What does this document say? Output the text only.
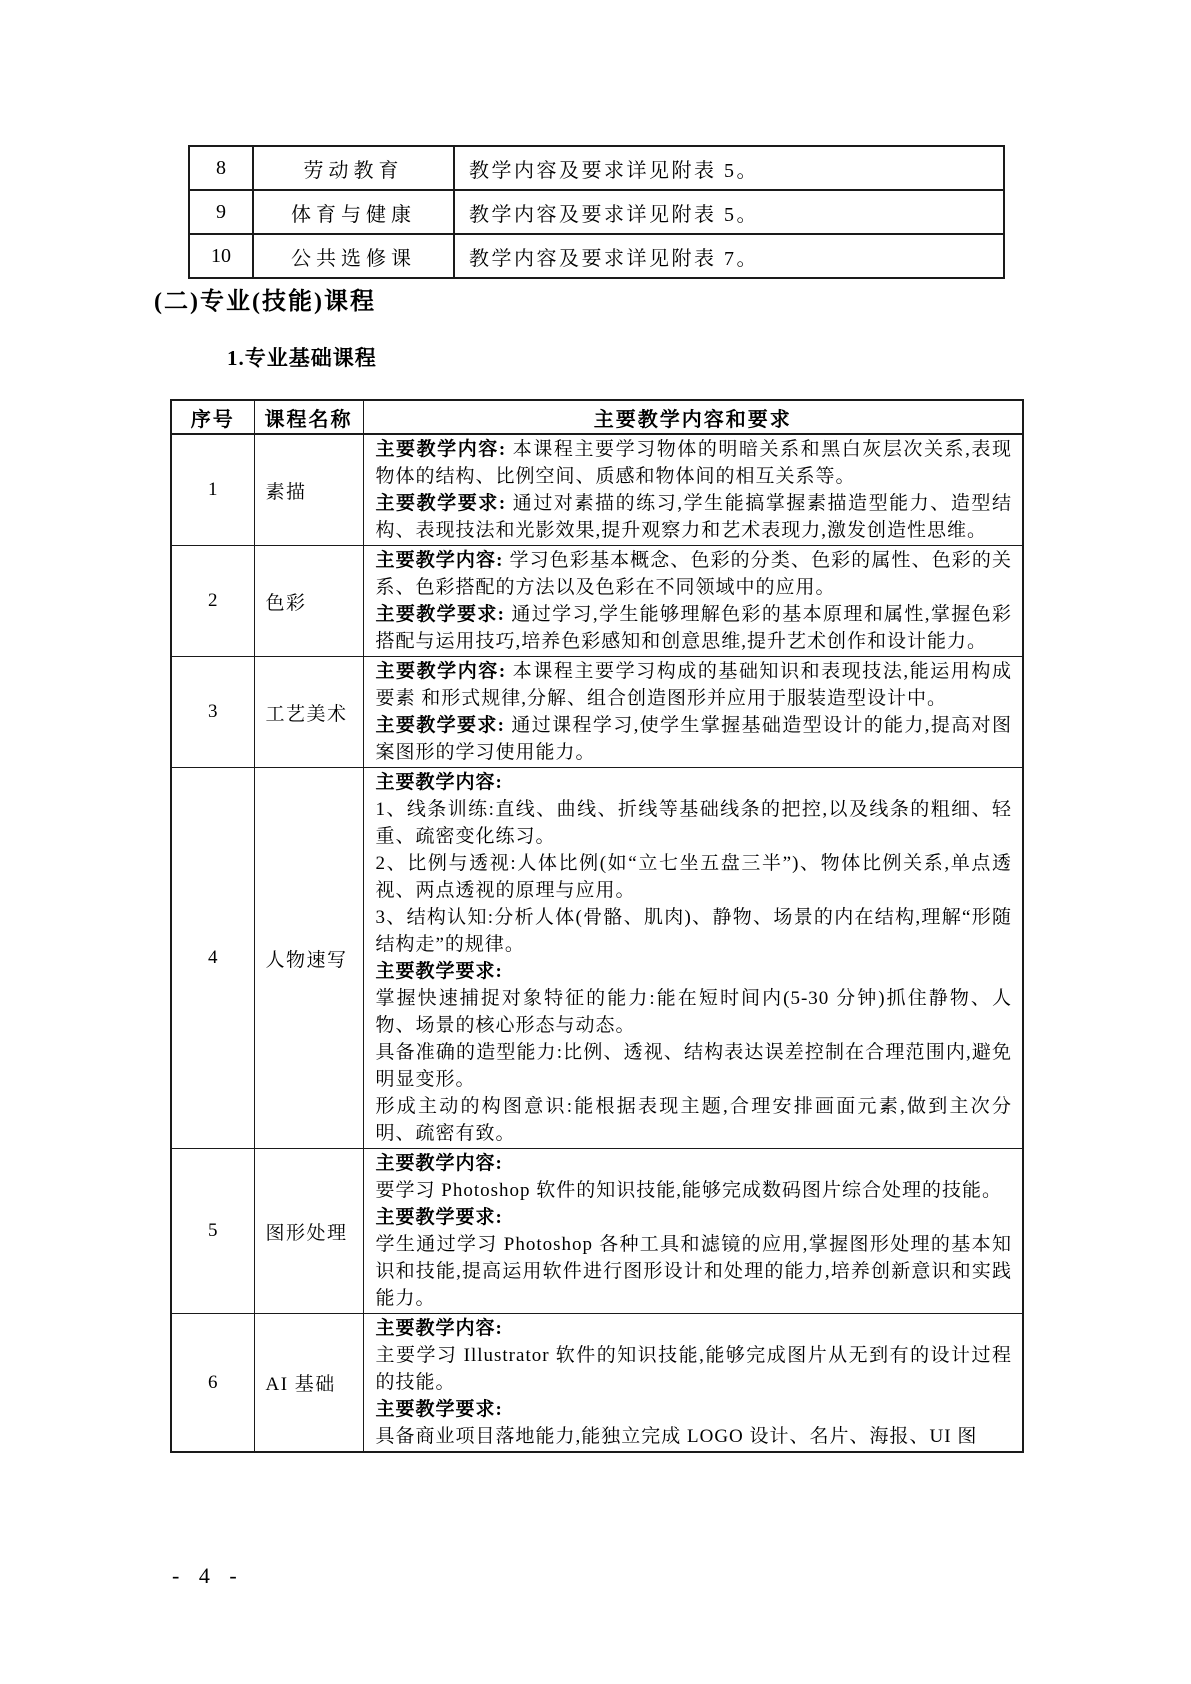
8	劳动教育	教学内容及要求详见附表 5。
9	体育与健康	教学内容及要求详见附表 5。
10	公共选修课	教学内容及要求详见附表 7。
(二)专业(技能)课程
1.专业基础课程
序号	课程名称	主要教学内容和要求
1	素描	主要教学内容: 本课程主要学习物体的明暗关系和黑白灰层次关系,表现物体的结构、比例空间、质感和物体间的相互关系等。

主要教学要求: 通过对素描的练习,学生能搞掌握素描造型能力、造型结构、表现技法和光影效果,提升观察力和艺术表现力,激发创造性思维。

2	色彩	主要教学内容: 学习色彩基本概念、色彩的分类、色彩的属性、色彩的关系、色彩搭配的方法以及色彩在不同领域中的应用。

主要教学要求: 通过学习,学生能够理解色彩的基本原理和属性,掌握色彩搭配与运用技巧,培养色彩感知和创意思维,提升艺术创作和设计能力。

3	工艺美术	主要教学内容: 本课程主要学习构成的基础知识和表现技法,能运用构成要素 和形式规律,分解、组合创造图形并应用于服装造型设计中。

主要教学要求: 通过课程学习,使学生掌握基础造型设计的能力,提高对图案图形的学习使用能力。

4	人物速写	

主要教学内容:

1、线条训练:直线、曲线、折线等基础线条的把控,以及线条的粗细、轻重、疏密变化练习。

2、比例与透视:人体比例(如“立七坐五盘三半”)、物体比例关系,单点透视、两点透视的原理与应用。

3、结构认知:分析人体(骨骼、肌肉)、静物、场景的内在结构,理解“形随结构走”的规律。

主要教学要求:

掌握快速捕捉对象特征的能力:能在短时间内(5-30 分钟)抓住静物、人物、场景的核心形态与动态。

具备准确的造型能力:比例、透视、结构表达误差控制在合理范围内,避免明显变形。

形成主动的构图意识:能根据表现主题,合理安排画面元素,做到主次分明、疏密有致。

5	图形处理	主要教学内容:

要学习 Photoshop 软件的知识技能,能够完成数码图片综合处理的技能。

主要教学要求:

学生通过学习 Photoshop 各种工具和滤镜的应用,掌握图形处理的基本知识和技能,提高运用软件进行图形设计和处理的能力,培养创新意识和实践能力。

6	AI 基础	主要教学内容:

主要学习 Illustrator 软件的知识技能,能够完成图片从无到有的设计过程的技能。

主要教学要求:

具备商业项目落地能力,能独立完成 LOGO 设计、名片、海报、UI 图

- 4 -
